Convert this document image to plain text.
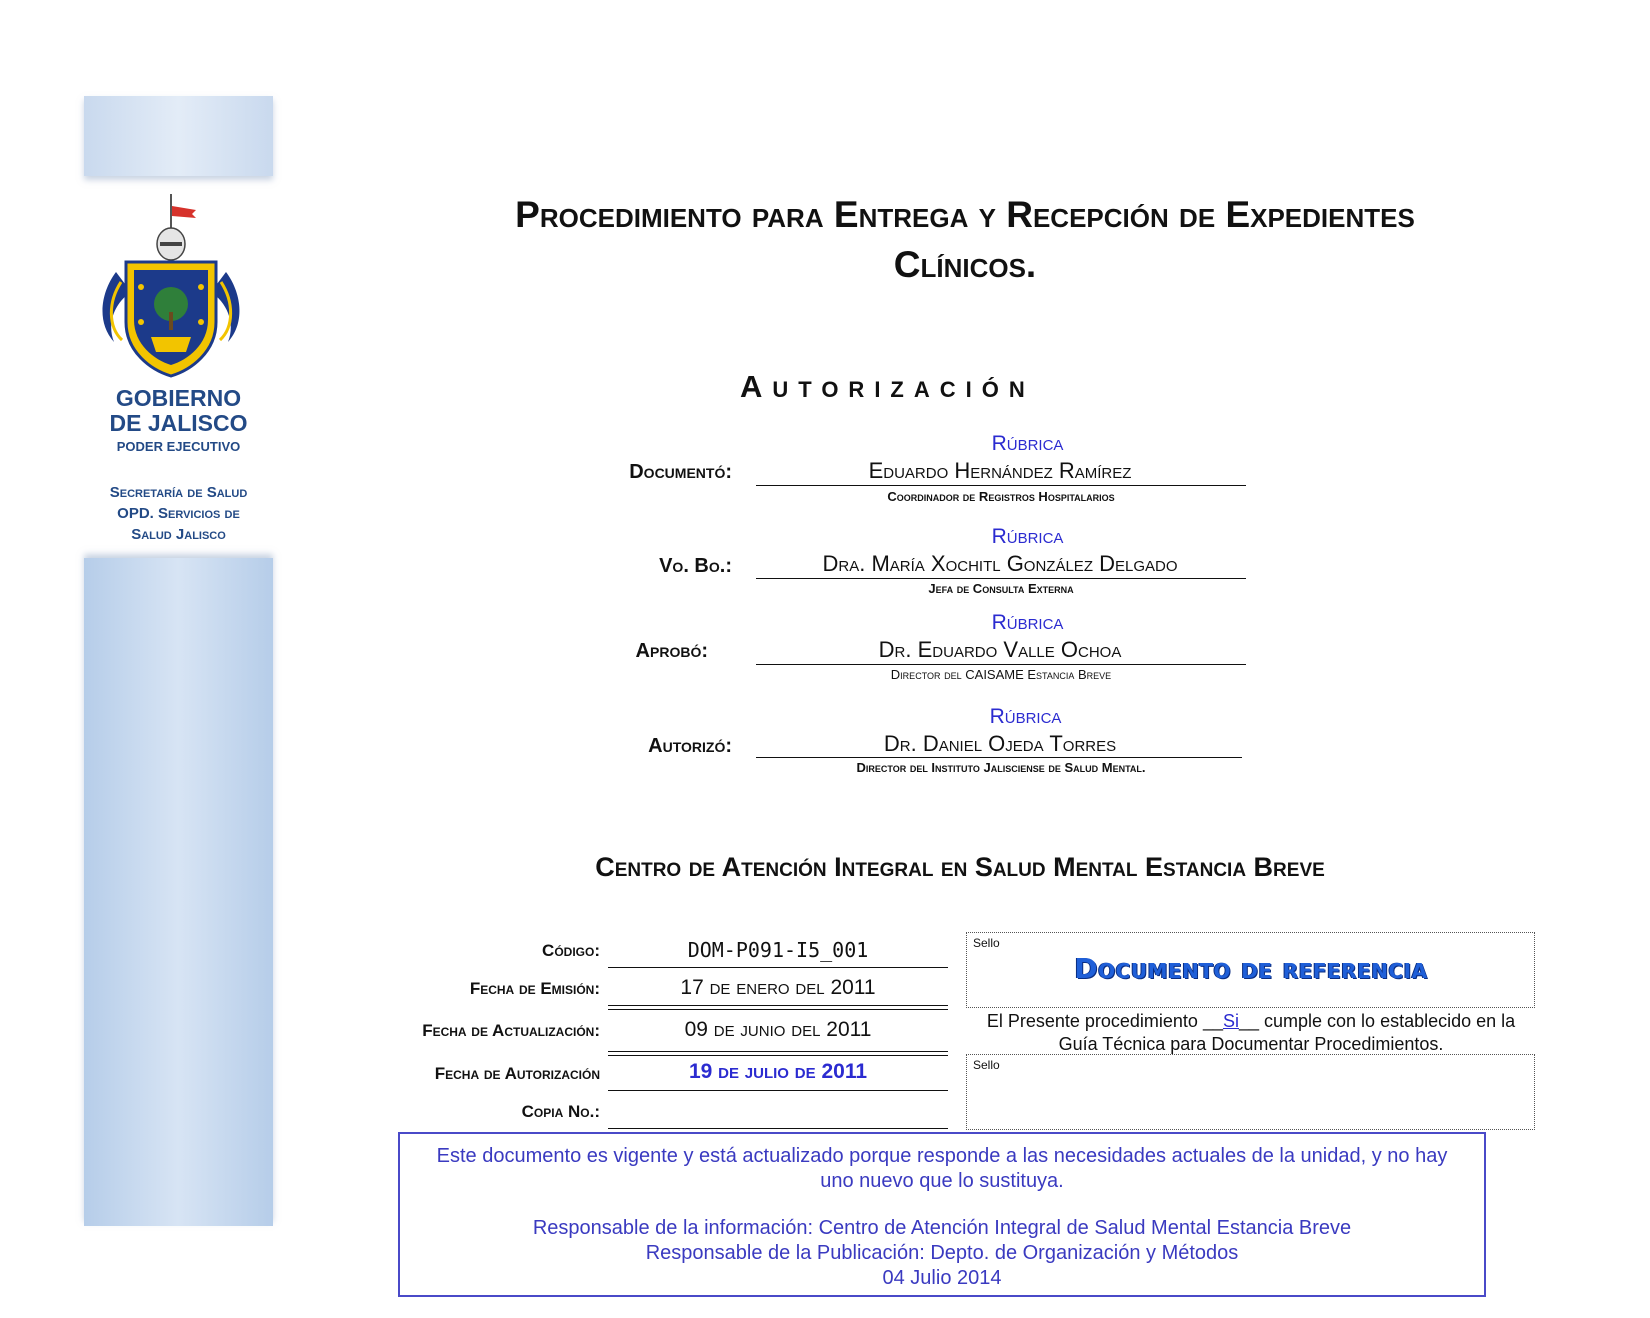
GOBIERNO
DE JALISCO
PODER EJECUTIVO
Secretaría de Salud
OPD. Servicios de
Salud Jalisco
Procedimiento para Entrega y Recepción de Expedientes
Clínicos.
Autorización
Documentó:
Rúbrica
Eduardo Hernández Ramírez
Coordinador de Registros Hospitalarios
Vo. Bo.:
Rúbrica
Dra. María Xochitl González Delgado
Jefa de Consulta Externa
Aprobó:
Rúbrica
Dr. Eduardo Valle Ochoa
Director del CAISAME Estancia Breve
Autorizó:
Rúbrica
Dr. Daniel Ojeda Torres
Director del Instituto Jalisciense de Salud Mental.
Centro de Atención Integral en Salud Mental Estancia Breve
Código:	DOM-P091-I5_001
Fecha de Emisión:	17 de enero del 2011
Fecha de Actualización:	09 de junio del 2011
Fecha de Autorización	19 de julio de 2011
Copia No.:
Sello
Documento de referencia
El Presente procedimiento __Si__ cumple con lo establecido en la Guía Técnica para Documentar Procedimientos.
Sello
Este documento es vigente y está actualizado porque responde a las necesidades actuales de la unidad, y no hay uno nuevo que lo sustituya.
Responsable de la información: Centro de Atención Integral de Salud Mental Estancia Breve
Responsable de la Publicación: Depto. de Organización y Métodos
04 Julio 2014
